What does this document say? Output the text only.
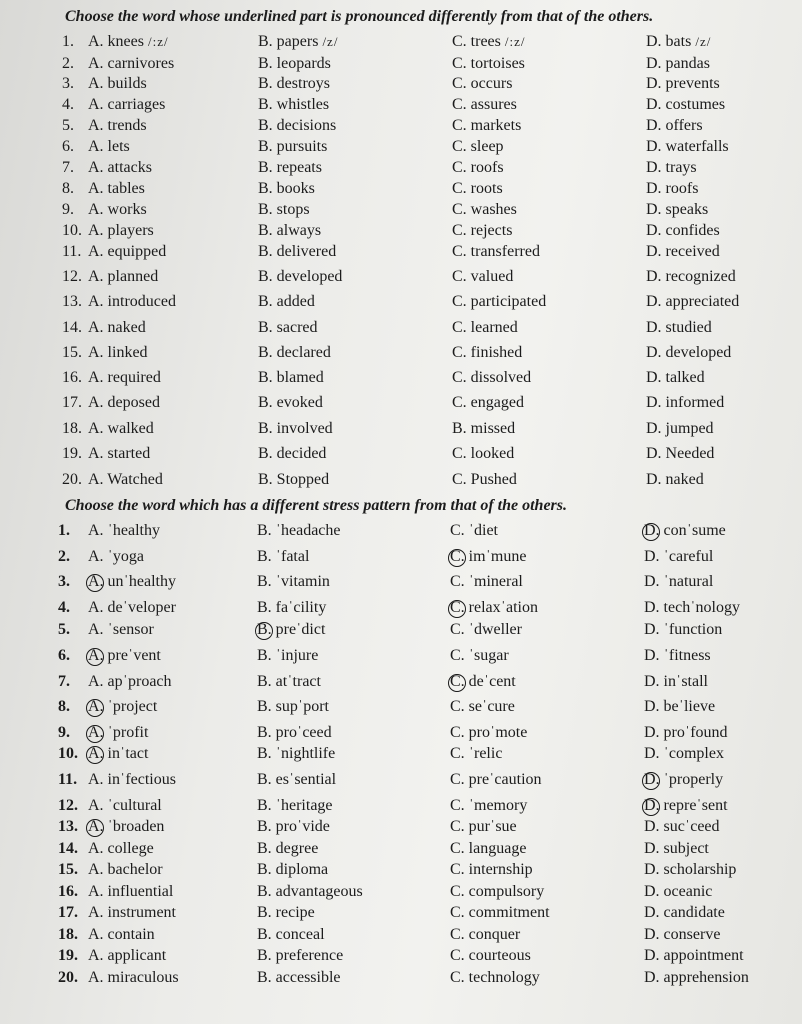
Choose the word whose underlined part is pronounced differently from that of the others.
1. A. knees /:z/	B. papers /z/	C. trees /:z/	D. bats /z/
2. A. carnivores	B. leopards	C. tortoises	D. pandas
3. A. builds	B. destroys	C. occurs	D. prevents
4. A. carriages	B. whistles	C. assures	D. costumes
5. A. trends	B. decisions	C. markets	D. offers
6. A. lets	B. pursuits	C. sleep	D. waterfalls
7. A. attacks	B. repeats	C. roofs	D. trays
8. A. tables	B. books	C. roots	D. roofs
9. A. works	B. stops	C. washes	D. speaks
10. A. players	B. always	C. rejects	D. confides
11. A. equipped	B. delivered	C. transferred	D. received
12. A. planned	B. developed	C. valued	D. recognized
13. A. introduced	B. added	C. participated	D. appreciated
14. A. naked	B. sacred	C. learned	D. studied
15. A. linked	B. declared	C. finished	D. developed
16. A. required	B. blamed	C. dissolved	D. talked
17. A. deposed	B. evoked	C. engaged	D. informed
18. A. walked	B. involved	B. missed	D. jumped
19. A. started	B. decided	C. looked	D. Needed
20. A. Watched	B. Stopped	C. Pushed	D. naked
Choose the word which has a different stress pattern from that of the others.
1. A. ˈhealthy	B. ˈheadache	C. ˈdiet	D. conˈsume
2. A. ˈyoga	B. ˈfatal	C. imˈmune	D. ˈcareful
3. A. unˈhealthy	B. ˈvitamin	C. ˈmineral	D. ˈnatural
4. A. deˈveloper	B. faˈcility	C. relaxˈation	D. techˈnology
5. A. ˈsensor	B. preˈdict	C. ˈdweller	D. ˈfunction
6. A. preˈvent	B. ˈinjure	C. ˈsugar	D. ˈfitness
7. A. apˈproach	B. atˈtract	C. deˈcent	D. inˈstall
8. A. ˈproject	B. supˈport	C. seˈcure	D. beˈlieve
9. A. ˈprofit	B. proˈceed	C. proˈmote	D. proˈfound
10. A. inˈtact	B. ˈnightlife	C. ˈrelic	D. ˈcomplex
11. A. inˈfectious	B. esˈsential	C. preˈcaution	D. ˈproperly
12. A. ˈcultural	B. ˈheritage	C. ˈmemory	D. repreˈsent
13. A. ˈbroaden	B. proˈvide	C. purˈsue	D. sucˈceed
14. A. college	B. degree	C. language	D. subject
15. A. bachelor	B. diploma	C. internship	D. scholarship
16. A. influential	B. advantageous	C. compulsory	D. oceanic
17. A. instrument	B. recipe	C. commitment	D. candidate
18. A. contain	B. conceal	C. conquer	D. conserve
19. A. applicant	B. preference	C. courteous	D. appointment
20. A. miraculous	B. accessible	C. technology	D. apprehension
